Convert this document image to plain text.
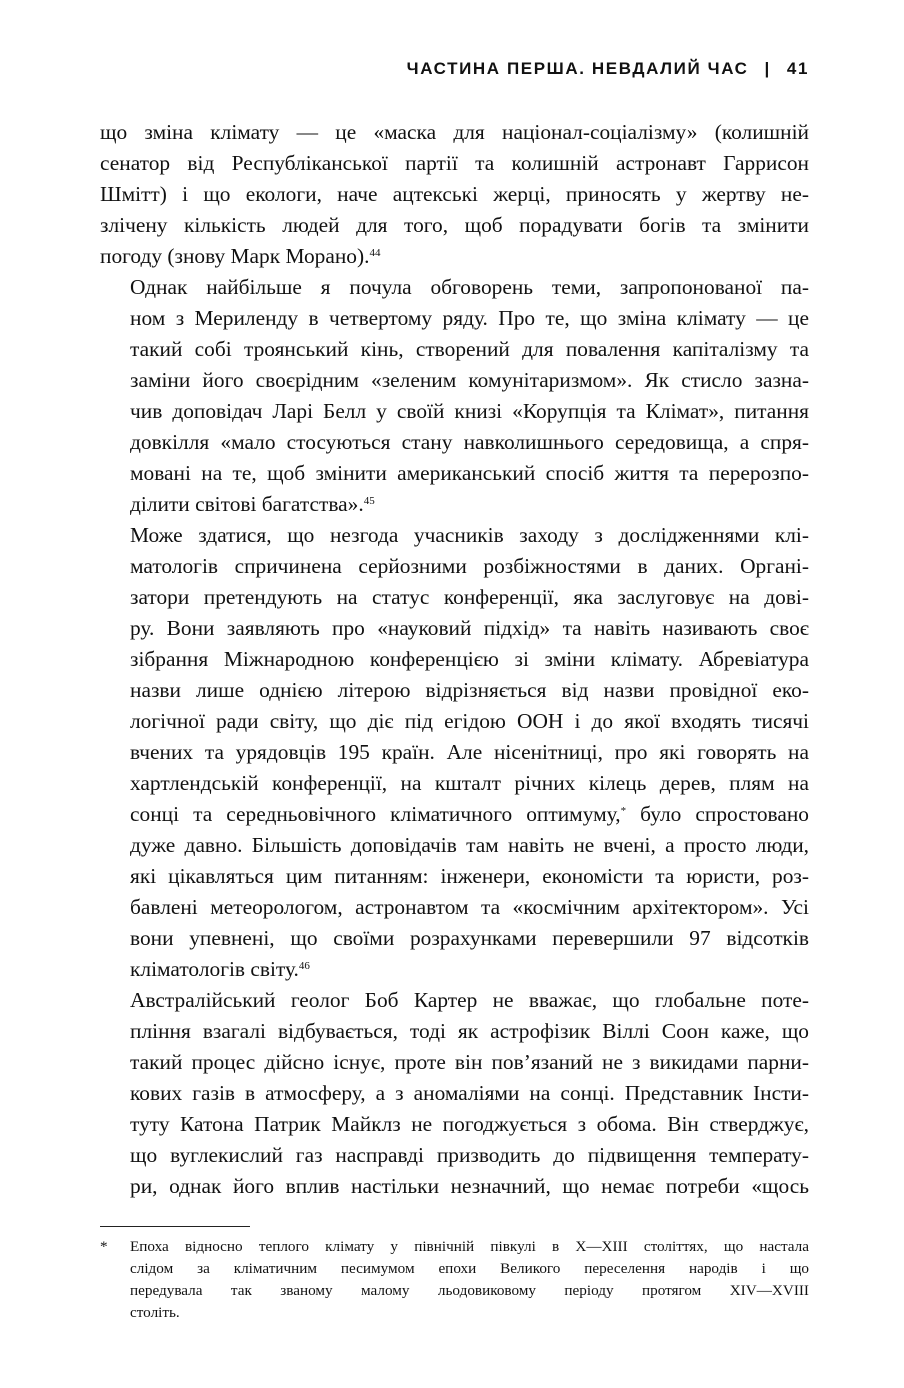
ЧАСТИНА ПЕРША. НЕВДАЛИЙ ЧАС | 41

що зміна клімату — це «маска для націонал-соціалізму» (колишній
сенатор від Республіканської партії та колишній астронавт Гаррисон
Шмітт) і що екологи, наче ацтекські жерці, приносять у жертву не-
злічену кількість людей для того, щоб порадувати богів та змінити
погоду (знову Марк Морано).$^{44}$

Однак найбільше я почула обговорень теми, запропонованої па-
ном з Мериленду в четвертому ряду. Про те, що зміна клімату — це
такий собі троянський кінь, створений для повалення капіталізму та
заміни його своєрідним «зеленим комунітаризмом». Як стисло зазна-
чив доповідач Ларі Белл у своїй книзі «Корупція та Клімат», питання
довкілля «мало стосуються стану навколишнього середовища, а спря-
мовані на те, щоб змінити американський спосіб життя та перерозпо-
ділити світові багатства».$^{45}$

Може здатися, що незгода учасників заходу з дослідженнями клі-
матологів спричинена серйозними розбіжностями в даних. Органі-
затори претендують на статус конференції, яка заслуговує на дові-
ру. Вони заявляють про «науковий підхід» та навіть називають своє
зібрання Міжнародною конференцією зі зміни клімату. Абревіатура
назви лише однією літерою відрізняється від назви провідної еко-
логічної ради світу, що діє під егідою ООН і до якої входять тисячі
вчених та урядовців 195 країн. Але нісенітниці, про які говорять на
хартлендській конференції, на кшталт річних кілець дерев, плям на
сонці та середньовічного кліматичного оптимуму,* було спростовано
дуже давно. Більшість доповідачів там навіть не вчені, а просто люди,
які цікавляться цим питанням: інженери, економісти та юристи, роз-
бавлені метеорологом, астронавтом та «космічним архітектором». Усі
вони упевнені, що своїми розрахунками перевершили 97 відсотків
кліматологів світу.$^{46}$

Австралійський геолог Боб Картер не вважає, що глобальне поте-
пління взагалі відбувається, тоді як астрофізик Віллі Соон каже, що
такий процес дійсно існує, проте він пов’язаний не з викидами парни-
кових газів в атмосферу, а з аномаліями на сонці. Представник Інсти-
туту Катона Патрик Майклз не погоджується з обома. Він стверджує,
що вуглекислий газ насправді призводить до підвищення температу-
ри, однак його вплив настільки незначний, що немає потреби «щось

* Епоха відносно теплого клімату у північній півкулі в X—XIII століттях, що настала
слідом за кліматичним песимумом епохи Великого переселення народів і що
передувала так званому малому льодовиковому періоду протягом XIV—XVIII
століть.
